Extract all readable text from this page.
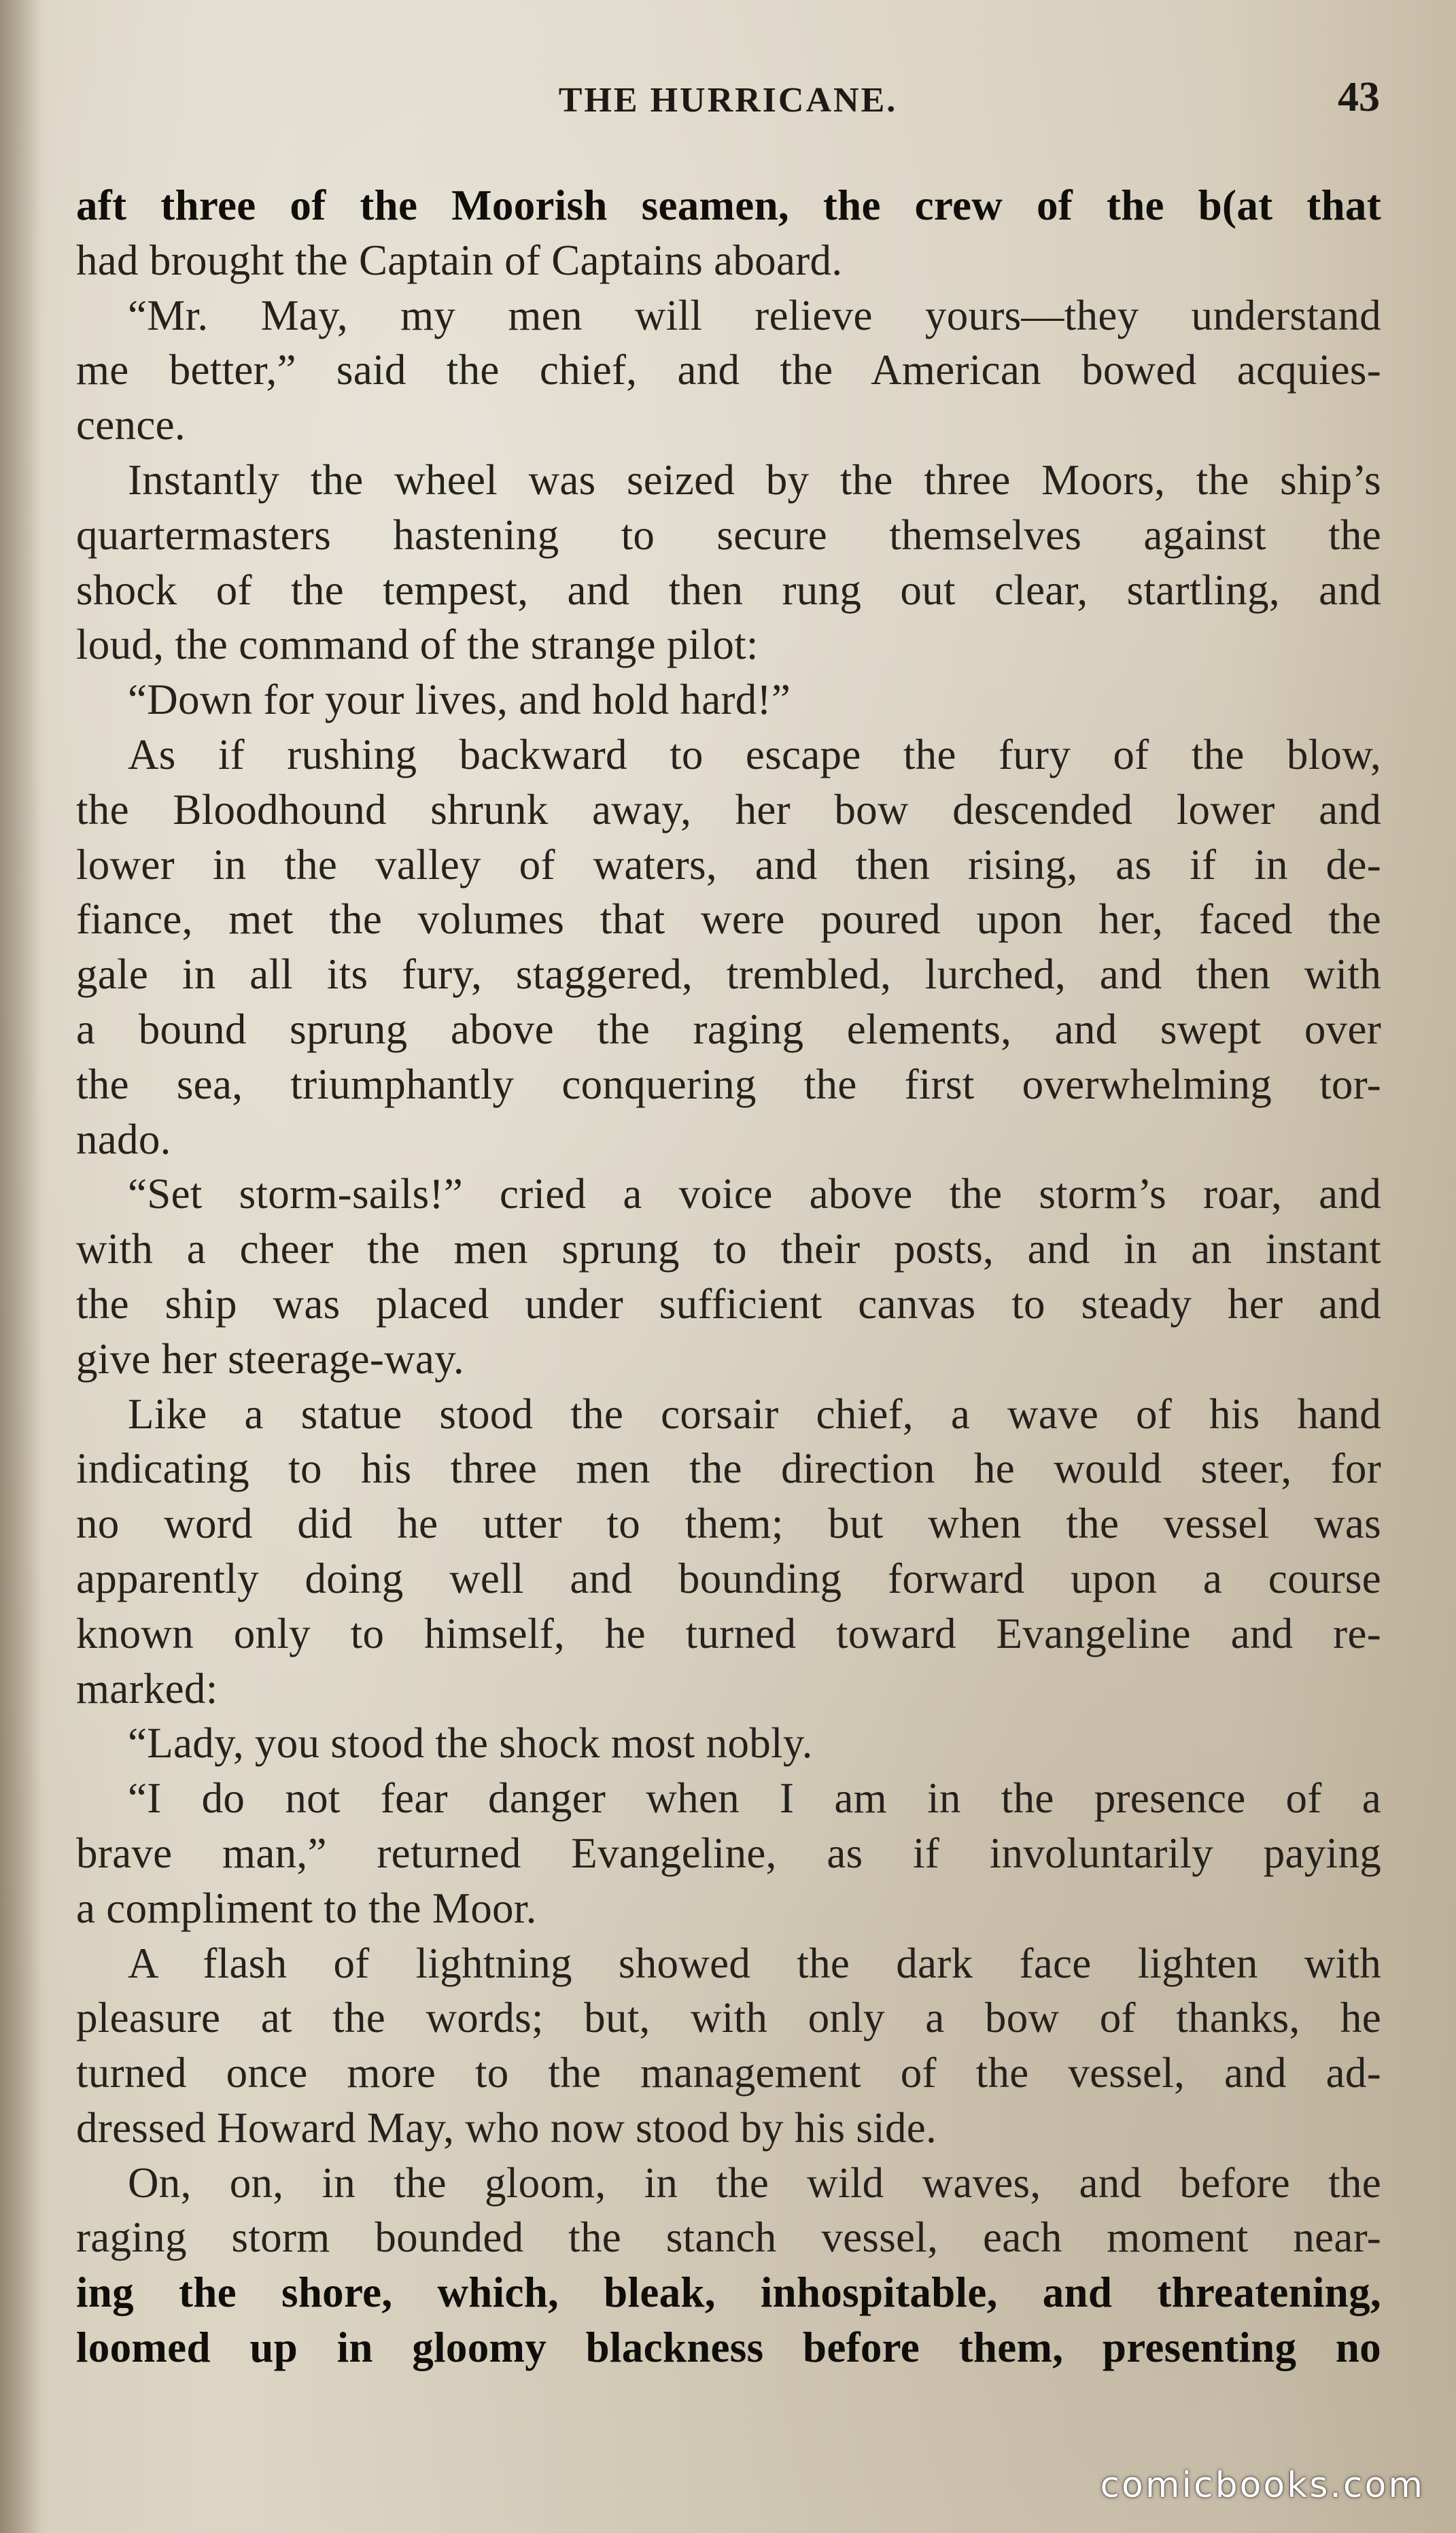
THE HURRICANE.	43
aft three of the Moorish seamen, the crew of the b(at that
had brought the Captain of Captains aboard.
“Mr. May, my men will relieve yours—they understand
me better,” said the chief, and the American bowed acquies-
cence.
Instantly the wheel was seized by the three Moors, the ship’s
quartermasters hastening to secure themselves against the
shock of the tempest, and then rung out clear, startling, and
loud, the command of the strange pilot:
“Down for your lives, and hold hard!”
As if rushing backward to escape the fury of the blow,
the Bloodhound shrunk away, her bow descended lower and
lower in the valley of waters, and then rising, as if in de-
fiance, met the volumes that were poured upon her, faced the
gale in all its fury, staggered, trembled, lurched, and then with
a bound sprung above the raging elements, and swept over
the sea, triumphantly conquering the first overwhelming tor-
nado.
“Set storm-sails!” cried a voice above the storm’s roar, and
with a cheer the men sprung to their posts, and in an instant
the ship was placed under sufficient canvas to steady her and
give her steerage-way.
Like a statue stood the corsair chief, a wave of his hand
indicating to his three men the direction he would steer, for
no word did he utter to them; but when the vessel was
apparently doing well and bounding forward upon a course
known only to himself, he turned toward Evangeline and re-
marked:
“Lady, you stood the shock most nobly.
“I do not fear danger when I am in the presence of a
brave man,” returned Evangeline, as if involuntarily paying
a compliment to the Moor.
A flash of lightning showed the dark face lighten with
pleasure at the words; but, with only a bow of thanks, he
turned once more to the management of the vessel, and ad-
dressed Howard May, who now stood by his side.
On, on, in the gloom, in the wild waves, and before the
raging storm bounded the stanch vessel, each moment near-
ing the shore, which, bleak, inhospitable, and threatening,
loomed up in gloomy blackness before them, presenting no
comicbooks.com
